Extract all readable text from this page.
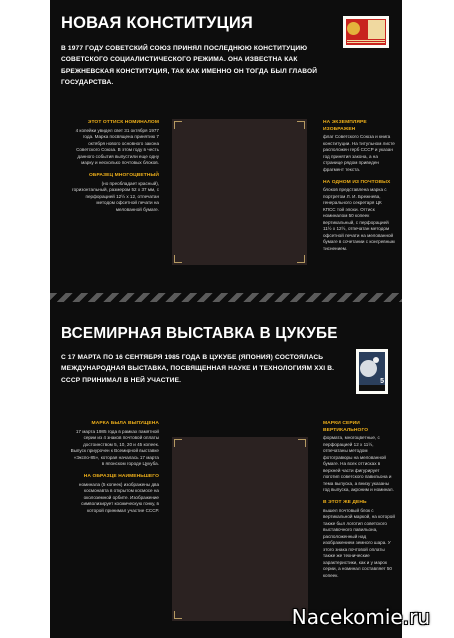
НОВАЯ КОНСТИТУЦИЯ
В 1977 ГОДУ СОВЕТСКИЙ СОЮЗ ПРИНЯЛ ПОСЛЕДНЮЮ КОНСТИТУЦИЮ СОВЕТСКОГО СОЦИАЛИСТИЧЕСКОГО РЕЖИМА. ОНА ИЗВЕСТНА КАК БРЕЖНЕВСКАЯ КОНСТИТУЦИЯ, ТАК КАК ИМЕННО ОН ТОГДА БЫЛ ГЛАВОЙ ГОСУДАРСТВА.
ЭТОТ ОТТИСК НОМИНАЛОМ
4 копейки увидел свет 31 октября 1977 года. Марка посвящена принятию 7 октября нового основного закона Советского Союза. В этом году в честь данного события выпустили еще одну марку и несколько почтовых блоков.
ОБРАЗЕЦ МНОГОЦВЕТНЫЙ
(но преобладает красный), горизонтальный, размером 52 х 37 мм, с перфорацией 12½ х 12, отпечатан методом офсетной печати на мелованной бумаге.
НА ЭКЗЕМПЛЯРЕ ИЗОБРАЖЕН
флаг Советского Союза и книга конституции. На титульном листе расположен герб СССР и указан год принятия закона, а на странице рядом приведен фрагмент текста.
НА ОДНОМ ИЗ ПОЧТОВЫХ
блоков представлена марка с портретом Л. И. Брежнева, генерального секретаря ЦК КПСС той эпохи. Оттиск номиналом 50 копеек вертикальный, с перфорацией 11½ х 12½, отпечатан методом офсетной печати на мелованной бумаге в сочетании с конгревным тиснением.
ВСЕМИРНАЯ ВЫСТАВКА В ЦУКУБЕ
С 17 МАРТА ПО 16 СЕНТЯБРЯ 1985 ГОДА В ЦУКУБЕ (ЯПОНИЯ) СОСТОЯЛАСЬ МЕЖДУНАРОДНАЯ ВЫСТАВКА, ПОСВЯЩЕННАЯ НАУКЕ И ТЕХНОЛОГИЯМ XXI В. СССР ПРИНИМАЛ В НЕЙ УЧАСТИЕ.	5
МАРКА БЫЛА ВЫПУЩЕНА
17 марта 1985 года в рамках памятной серии из 4 знаков почтовой оплаты достоинством 5, 10, 20 и 45 копеек. Выпуск приурочен к Всемирной выставке «Экспо-85», которая началась 17 марта в японском городе Цукуба.
НА ОБРАЗЦЕ НАИМЕНЬШЕГО
номинала (5 копеек) изображены два космонавта в открытом космосе на околоземной орбите. Изображение символизирует космическую гонку, в которой принимал участие СССР.
МАРКИ СЕРИИ ВЕРТИКАЛЬНОГО
формата, многоцветные, с перфорацией 12 х 11½, отпечатаны методом фотогравюры на мелованной бумаге. На всех оттисках в верхней части фигурирует логотип советского павильона и тема выпуска, а внизу указаны год выпуска, акроним и номинал.
В ЭТОТ ЖЕ ДЕНЬ
вышел почтовый блок с вертикальной маркой, на которой также был логотип советского выставочного павильона, расположенный над изображением земного шара. У этого знака почтовой оплаты также же технические характеристики, как и у марок серии, а номинал составляет 50 копеек.
Nacekomie.ru
